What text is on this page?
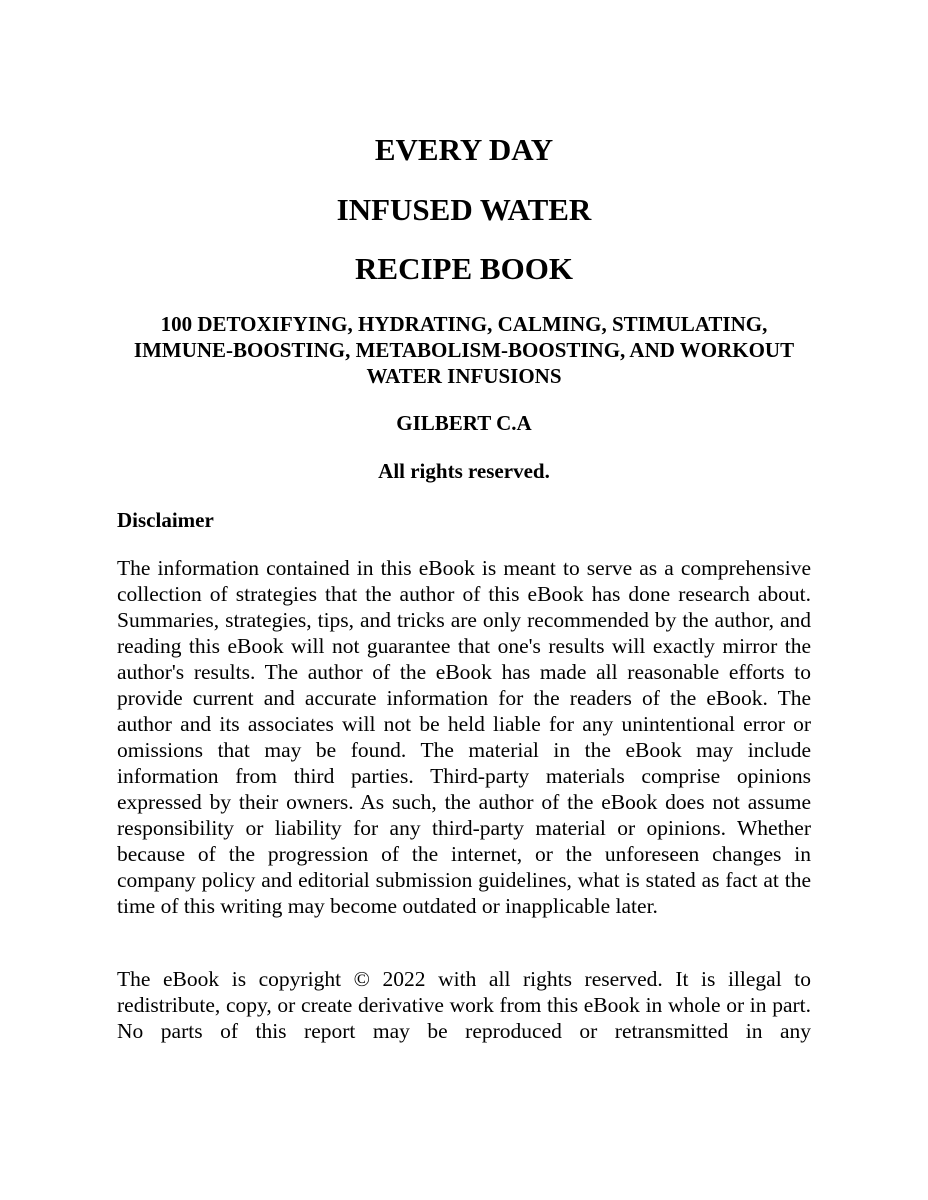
EVERY DAY
INFUSED WATER
RECIPE BOOK

100 DETOXIFYING, HYDRATING, CALMING, STIMULATING, IMMUNE-BOOSTING, METABOLISM-BOOSTING, AND WORKOUT WATER INFUSIONS

GILBERT C.A

All rights reserved.

Disclaimer

The information contained in this eBook is meant to serve as a comprehensive collection of strategies that the author of this eBook has done research about. Summaries, strategies, tips, and tricks are only recommended by the author, and reading this eBook will not guarantee that one's results will exactly mirror the author's results. The author of the eBook has made all reasonable efforts to provide current and accurate information for the readers of the eBook. The author and its associates will not be held liable for any unintentional error or omissions that may be found. The material in the eBook may include information from third parties. Third-party materials comprise opinions expressed by their owners. As such, the author of the eBook does not assume responsibility or liability for any third-party material or opinions. Whether because of the progression of the internet, or the unforeseen changes in company policy and editorial submission guidelines, what is stated as fact at the time of this writing may become outdated or inapplicable later.

The eBook is copyright © 2022 with all rights reserved. It is illegal to redistribute, copy, or create derivative work from this eBook in whole or in part. No parts of this report may be reproduced or retransmitted in any
